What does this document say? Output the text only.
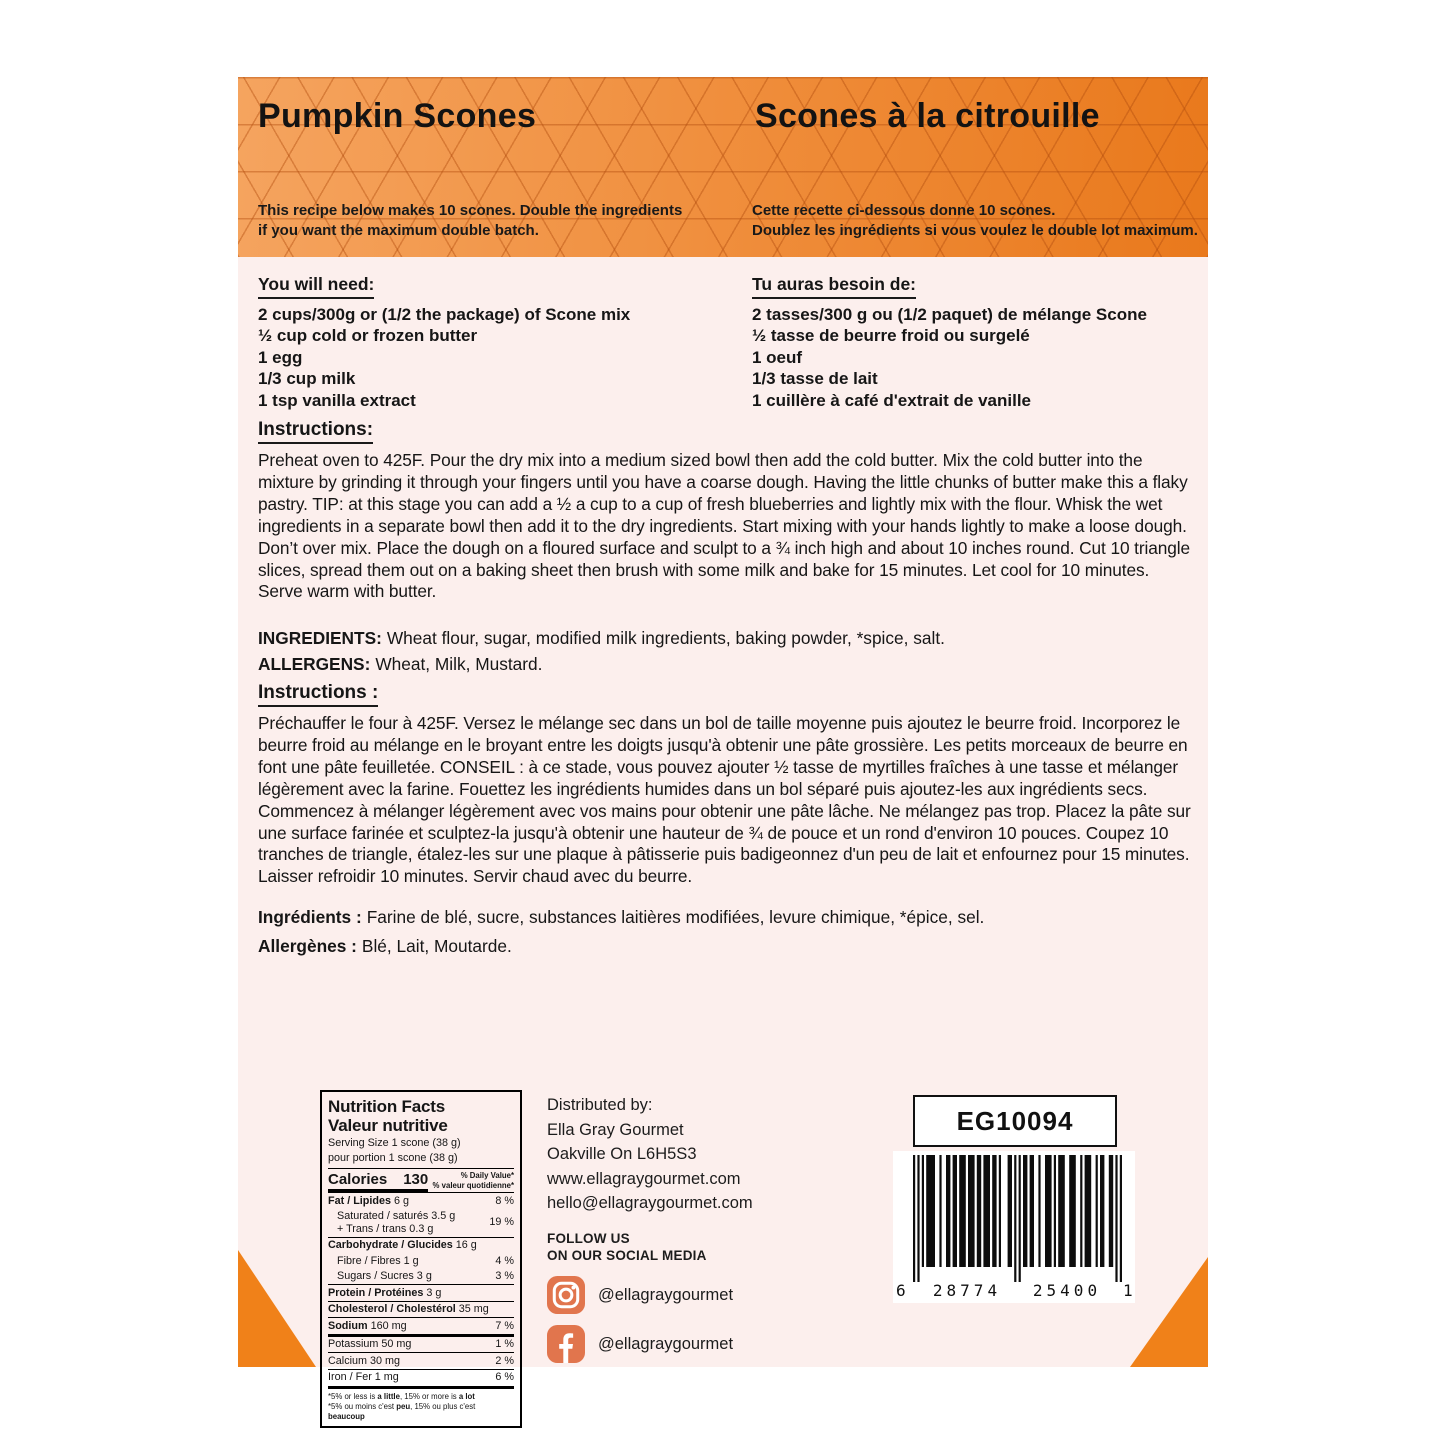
Pumpkin Scones	Scones à la citrouille
This recipe below makes 10 scones. Double the ingredients
if you want the maximum double batch.
Cette recette ci-dessous donne 10 scones.
Doublez les ingrédients si vous voulez le double lot maximum.
You will need:
2 cups/300g or (1/2 the package) of Scone mix
½ cup cold or frozen butter
1 egg
1/3 cup milk
1 tsp vanilla extract
Tu auras besoin de:
2 tasses/300 g ou (1/2 paquet) de mélange Scone
½ tasse de beurre froid ou surgelé
1 oeuf
1/3 tasse de lait
1 cuillère à café d'extrait de vanille
Instructions:
Preheat oven to 425F. Pour the dry mix into a medium sized bowl then add the cold butter. Mix the cold butter into the mixture by grinding it through your fingers until you have a coarse dough. Having the little chunks of butter make this a flaky pastry. TIP: at this stage you can add a ½ a cup to a cup of fresh blueberries and lightly mix with the flour. Whisk the wet ingredients in a separate bowl then add it to the dry ingredients. Start mixing with your hands lightly to make a loose dough. Don’t over mix. Place the dough on a floured surface and sculpt to a ¾ inch high and about 10 inches round. Cut 10 triangle slices, spread them out on a baking sheet then brush with some milk and bake for 15 minutes. Let cool for 10 minutes. Serve warm with butter.
INGREDIENTS: Wheat flour, sugar, modified milk ingredients, baking powder, *spice, salt.
ALLERGENS: Wheat, Milk, Mustard.
Instructions :
Préchauffer le four à 425F. Versez le mélange sec dans un bol de taille moyenne puis ajoutez le beurre froid. Incorporez le beurre froid au mélange en le broyant entre les doigts jusqu'à obtenir une pâte grossière. Les petits morceaux de beurre en font une pâte feuilletée. CONSEIL : à ce stade, vous pouvez ajouter ½ tasse de myrtilles fraîches à une tasse et mélanger légèrement avec la farine. Fouettez les ingrédients humides dans un bol séparé puis ajoutez-les aux ingrédients secs. Commencez à mélanger légèrement avec vos mains pour obtenir une pâte lâche. Ne mélangez pas trop. Placez la pâte sur une surface farinée et sculptez-la jusqu'à obtenir une hauteur de ¾ de pouce et un rond d'environ 10 pouces. Coupez 10 tranches de triangle, étalez-les sur une plaque à pâtisserie puis badigeonnez d'un peu de lait et enfournez pour 15 minutes. Laisser refroidir 10 minutes. Servir chaud avec du beurre.
Ingrédients : Farine de blé, sucre, substances laitières modifiées, levure chimique, *épice, sel.
Allergènes : Blé, Lait, Moutarde.
Nutrition Facts
Valeur nutritive
Serving Size 1 scone (38 g)
pour portion 1 scone (38 g)
Calories 130	% Daily Value*
% valeur quotidienne*
Fat / Lipides 6 g	8 %
Saturated / saturés 3.5 g
+ Trans / trans 0.3 g
19 %
Carbohydrate / Glucides 16 g
Fibre / Fibres 1 g	4 %
Sugars / Sucres 3 g	3 %
Protein / Protéines 3 g
Cholesterol / Cholestérol 35 mg
Sodium 160 mg	7 %
Potassium 50 mg	1 %
Calcium 30 mg	2 %
Iron / Fer 1 mg	6 %
*5% or less is a little, 15% or more is a lot
*5% ou moins c'est peu, 15% ou plus c'est beaucoup
Distributed by:
Ella Gray Gourmet
Oakville On L6H5S3
www.ellagraygourmet.com
hello@ellagraygourmet.com
FOLLOW US
ON OUR SOCIAL MEDIA
@ellagraygourmet
@ellagraygourmet
EG10094
6	28774	25400	1
